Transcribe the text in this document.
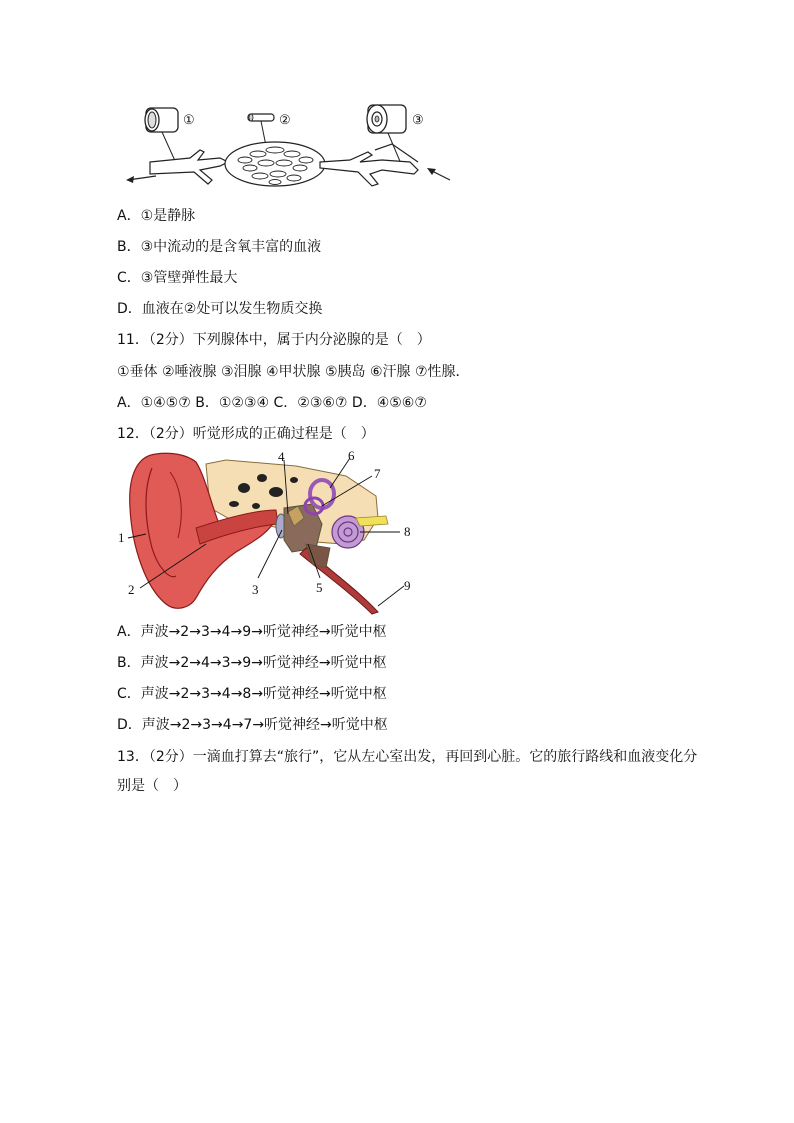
①	②	③
A．①是静脉
B．③中流动的是含氧丰富的血液
C．③管壁弹性最大
D．血液在②处可以发生物质交换
11．（2分）下列腺体中，属于内分泌腺的是（　）
①垂体 ②唾液腺 ③泪腺 ④甲状腺 ⑤胰岛 ⑥汗腺 ⑦性腺．
A．①④⑤⑦ B．①②③④ C．②③⑥⑦ D．④⑤⑥⑦
12．（2分）听觉形成的正确过程是（　）
1
2	3
4
5
6
7
8
9
A．声波→2→3→4→9→听觉神经→听觉中枢
B．声波→2→4→3→9→听觉神经→听觉中枢
C．声波→2→3→4→8→听觉神经→听觉中枢
D．声波→2→3→4→7→听觉神经→听觉中枢
13．（2分）一滴血打算去“旅行”，它从左心室出发，再回到心脏。它的旅行路线和血液变化分
别是（　）
